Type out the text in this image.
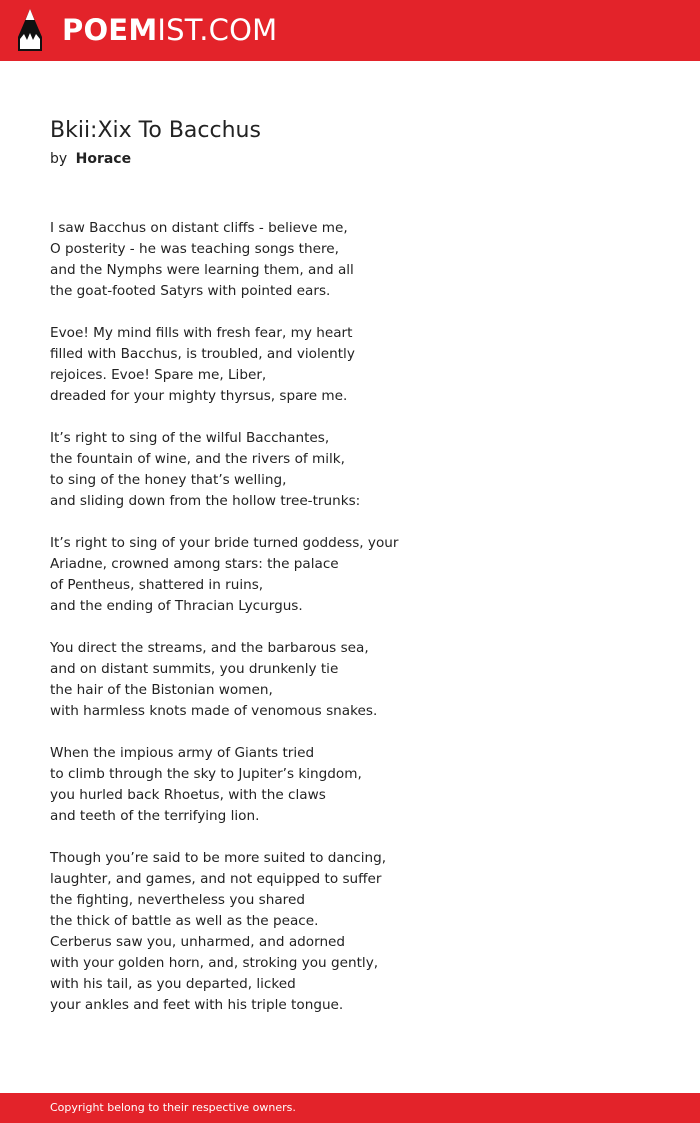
POEMIST.COM
Bkii:Xix To Bacchus
by Horace
I saw Bacchus on distant cliffs - believe me,
O posterity - he was teaching songs there,
and the Nymphs were learning them, and all
the goat-footed Satyrs with pointed ears.
Evoe! My mind fills with fresh fear, my heart
filled with Bacchus, is troubled, and violently
rejoices. Evoe! Spare me, Liber,
dreaded for your mighty thyrsus, spare me.
It’s right to sing of the wilful Bacchantes,
the fountain of wine, and the rivers of milk,
to sing of the honey that’s welling,
and sliding down from the hollow tree-trunks:
It’s right to sing of your bride turned goddess, your
Ariadne, crowned among stars: the palace
of Pentheus, shattered in ruins,
and the ending of Thracian Lycurgus.
You direct the streams, and the barbarous sea,
and on distant summits, you drunkenly tie
the hair of the Bistonian women,
with harmless knots made of venomous snakes.
When the impious army of Giants tried
to climb through the sky to Jupiter’s kingdom,
you hurled back Rhoetus, with the claws
and teeth of the terrifying lion.
Though you’re said to be more suited to dancing,
laughter, and games, and not equipped to suffer
the fighting, nevertheless you shared
the thick of battle as well as the peace.
Cerberus saw you, unharmed, and adorned
with your golden horn, and, stroking you gently,
with his tail, as you departed, licked
your ankles and feet with his triple tongue.
Copyright belong to their respective owners.
